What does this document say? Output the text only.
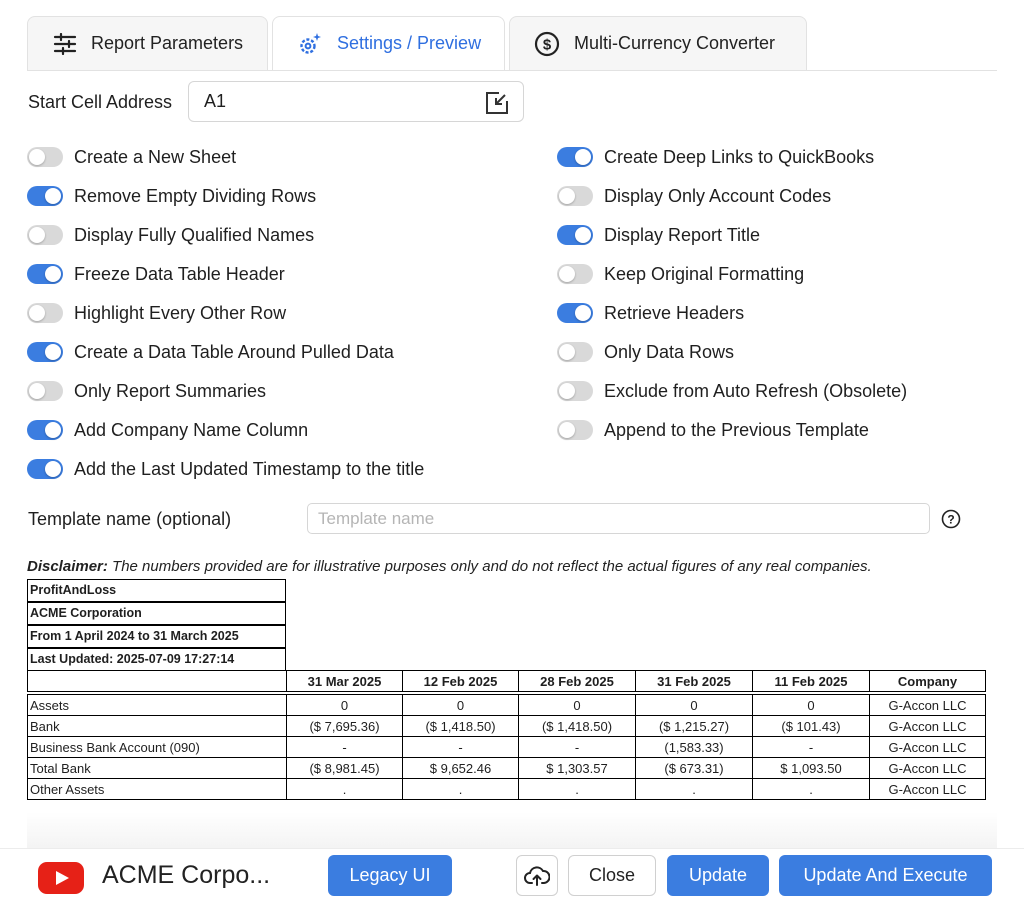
Report Parameters	Settings / Preview	$ Multi-Currency Converter
Start Cell Address A1
Create a New Sheet
Remove Empty Dividing Rows
Display Fully Qualified Names
Freeze Data Table Header
Highlight Every Other Row
Create a Data Table Around Pulled Data
Only Report Summaries
Add Company Name Column
Add the Last Updated Timestamp to the title
Create Deep Links to QuickBooks
Display Only Account Codes
Display Report Title
Keep Original Formatting
Retrieve Headers
Only Data Rows
Exclude from Auto Refresh (Obsolete)
Append to the Previous Template
Template name (optional)
Template name	?
Disclaimer: The numbers provided are for illustrative purposes only and do not reflect the actual figures of any real companies.
ProfitAndLoss
ACME Corporation
From 1 April 2024 to 31 March 2025
Last Updated: 2025-07-09 17:27:14
	31 Mar 2025	12 Feb 2025	28 Feb 2025	31 Feb 2025	11 Feb 2025	Company

Assets	0	0	0	0	0	G-Accon LLC
Bank	($ 7,695.36)	($ 1,418.50)	($ 1,418.50)	($ 1,215.27)	($ 101.43)	G-Accon LLC
Business Bank Account (090)	-	-	-	(1,583.33)	-	G-Accon LLC
Total Bank	($ 8,981.45)	$ 9,652.46	$ 1,303.57	($ 673.31)	$ 1,093.50	G-Accon LLC
Other Assets	.	.	.	.	.	G-Accon LLC
ACME Corpo...	Legacy UI	Close	Update	Update And Execute
